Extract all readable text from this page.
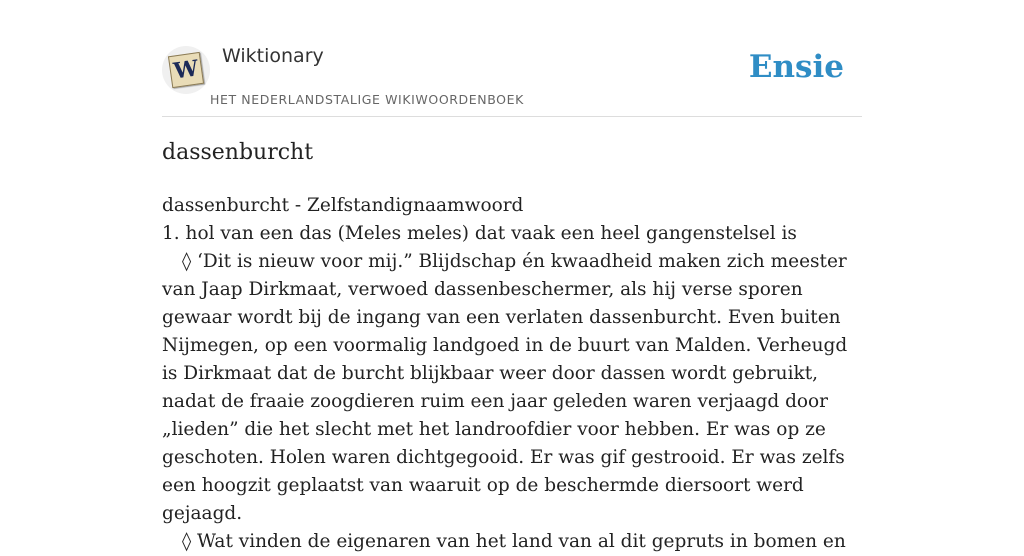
W Wiktionary
HET NEDERLANDSTALIGE WIKIWOORDENBOEK
Ensie
dassenburcht

dassenburcht - Zelfstandignaamwoord

1. hol van een das (Meles meles) dat vaak een heel gangenstelsel is

◊ ‘Dit is nieuw voor mij.” Blijdschap én kwaadheid maken zich meester van Jaap Dirkmaat, verwoed dassenbeschermer, als hij verse sporen gewaar wordt bij de ingang van een verlaten dassenburcht. Even buiten Nijmegen, op een voormalig landgoed in de buurt van Malden. Verheugd is Dirkmaat dat de burcht blijkbaar weer door dassen wordt gebruikt, nadat de fraaie zoogdieren ruim een jaar geleden waren verjaagd door „lieden” die het slecht met het landroofdier voor hebben. Er was op ze geschoten. Holen waren dichtgegooid. Er was gif gestrooid. Er was zelfs een hoogzit geplaatst van waaruit op de beschermde diersoort werd gejaagd.

◊ Wat vinden de eigenaren van het land van al dit gepruts in bomen en
